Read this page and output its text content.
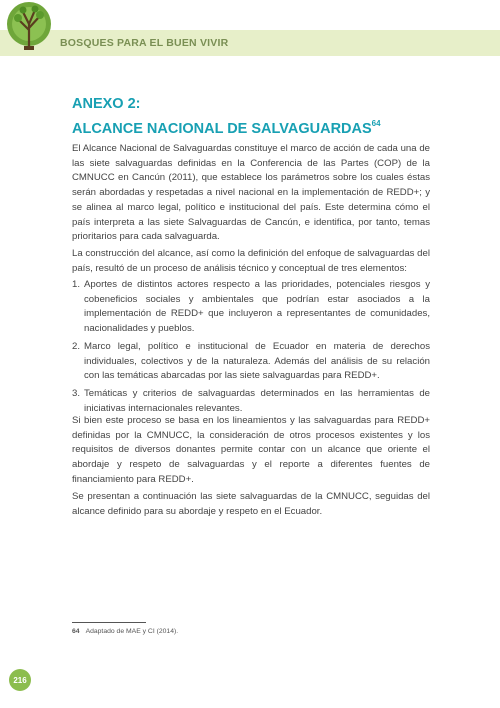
BOSQUES PARA EL BUEN VIVIR
ANEXO 2:
ALCANCE NACIONAL DE SALVAGUARDAS$^{64}$
El Alcance Nacional de Salvaguardas constituye el marco de acción de cada una de las siete salvaguardas definidas en la Conferencia de las Partes (COP) de la CMNUCC en Cancún (2011), que establece los parámetros sobre los cuales éstas serán abordadas y respetadas a nivel nacional en la implementación de REDD+; y se alinea al marco legal, político e institucional del país. Este determina cómo el país interpreta a las siete Salvaguardas de Cancún, e identifica, por tanto, temas prioritarios para cada salvaguarda.
La construcción del alcance, así como la definición del enfoque de salvaguardas del país, resultó de un proceso de análisis técnico y conceptual de tres elementos:
1. Aportes de distintos actores respecto a las prioridades, potenciales riesgos y cobeneficios sociales y ambientales que podrían estar asociados a la implementación de REDD+ que incluyeron a representantes de comunidades, nacionalidades y pueblos.
2. Marco legal, político e institucional de Ecuador en materia de derechos individuales, colectivos y de la naturaleza. Además del análisis de su relación con las temáticas abarcadas por las siete salvaguardas para REDD+.
3. Temáticas y criterios de salvaguardas determinados en las herramientas de iniciativas internacionales relevantes.
Si bien este proceso se basa en los lineamientos y las salvaguardas para REDD+ definidas por la CMNUCC, la consideración de otros procesos existentes y los requisitos de diversos donantes permite contar con un alcance que oriente el abordaje y respeto de salvaguardas y el reporte a diferentes fuentes de financiamiento para REDD+.
Se presentan a continuación las siete salvaguardas de la CMNUCC, seguidas del alcance definido para su abordaje y respeto en el Ecuador.
64 Adaptado de MAE y CI (2014).
216
